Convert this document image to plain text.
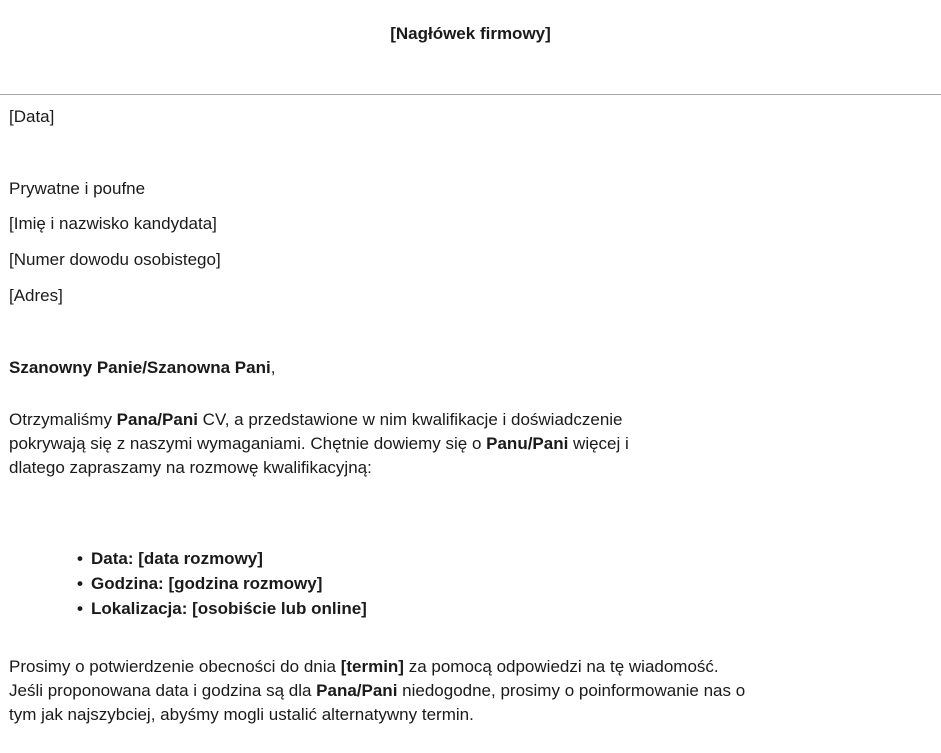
[Nagłówek firmowy]
[Data]
Prywatne i poufne
[Imię i nazwisko kandydata]
[Numer dowodu osobistego]
[Adres]
Szanowny Panie/Szanowna Pani,
Otrzymaliśmy Pana/Pani CV, a przedstawione w nim kwalifikacje i doświadczenie
pokrywają się z naszymi wymaganiami. Chętnie dowiemy się o Panu/Pani więcej i
dlatego zapraszamy na rozmowę kwalifikacyjną:
• Data: [data rozmowy]
• Godzina: [godzina rozmowy]
• Lokalizacja: [osobiście lub online]
Prosimy o potwierdzenie obecności do dnia [termin] za pomocą odpowiedzi na tę wiadomość.
Jeśli proponowana data i godzina są dla Pana/Pani niedogodne, prosimy o poinformowanie nas o
tym jak najszybciej, abyśmy mogli ustalić alternatywny termin.
